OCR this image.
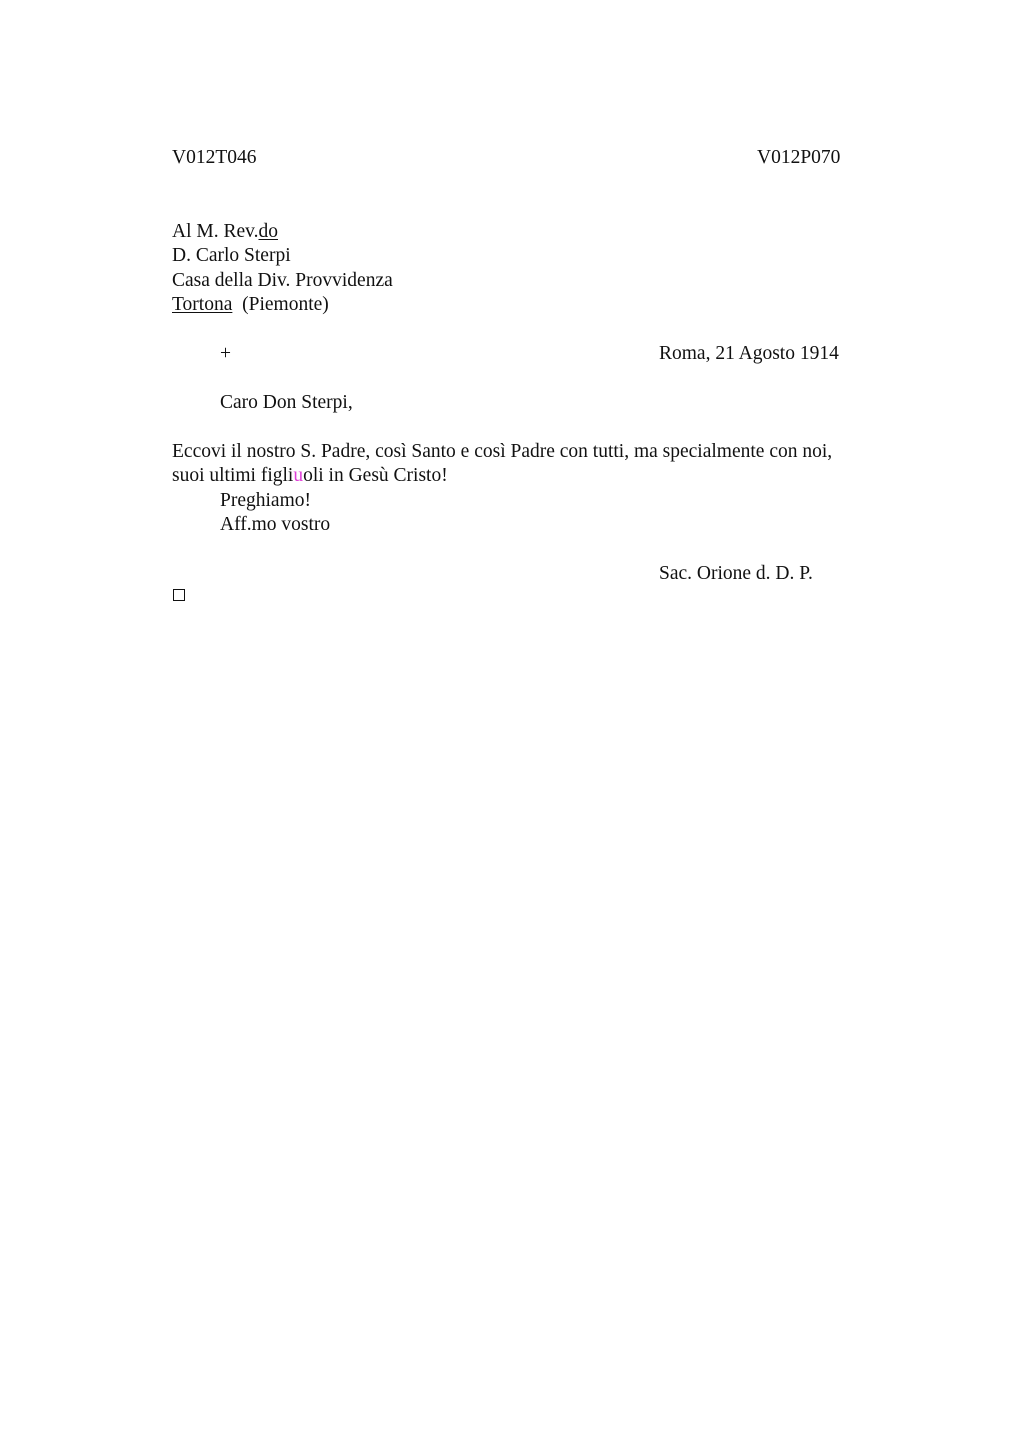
V012T046	V012P070
Al M. Rev.do
D. Carlo Sterpi
Casa della Div. Provvidenza
Tortona (Piemonte)
+	Roma, 21 Agosto 1914
Caro Don Sterpi,
Eccovi il nostro S. Padre, così Santo e così Padre con tutti, ma specialmente con noi,
suoi ultimi figliuoli in Gesù Cristo!
Preghiamo!
Aff.mo vostro
Sac. Orione d. D. P.
